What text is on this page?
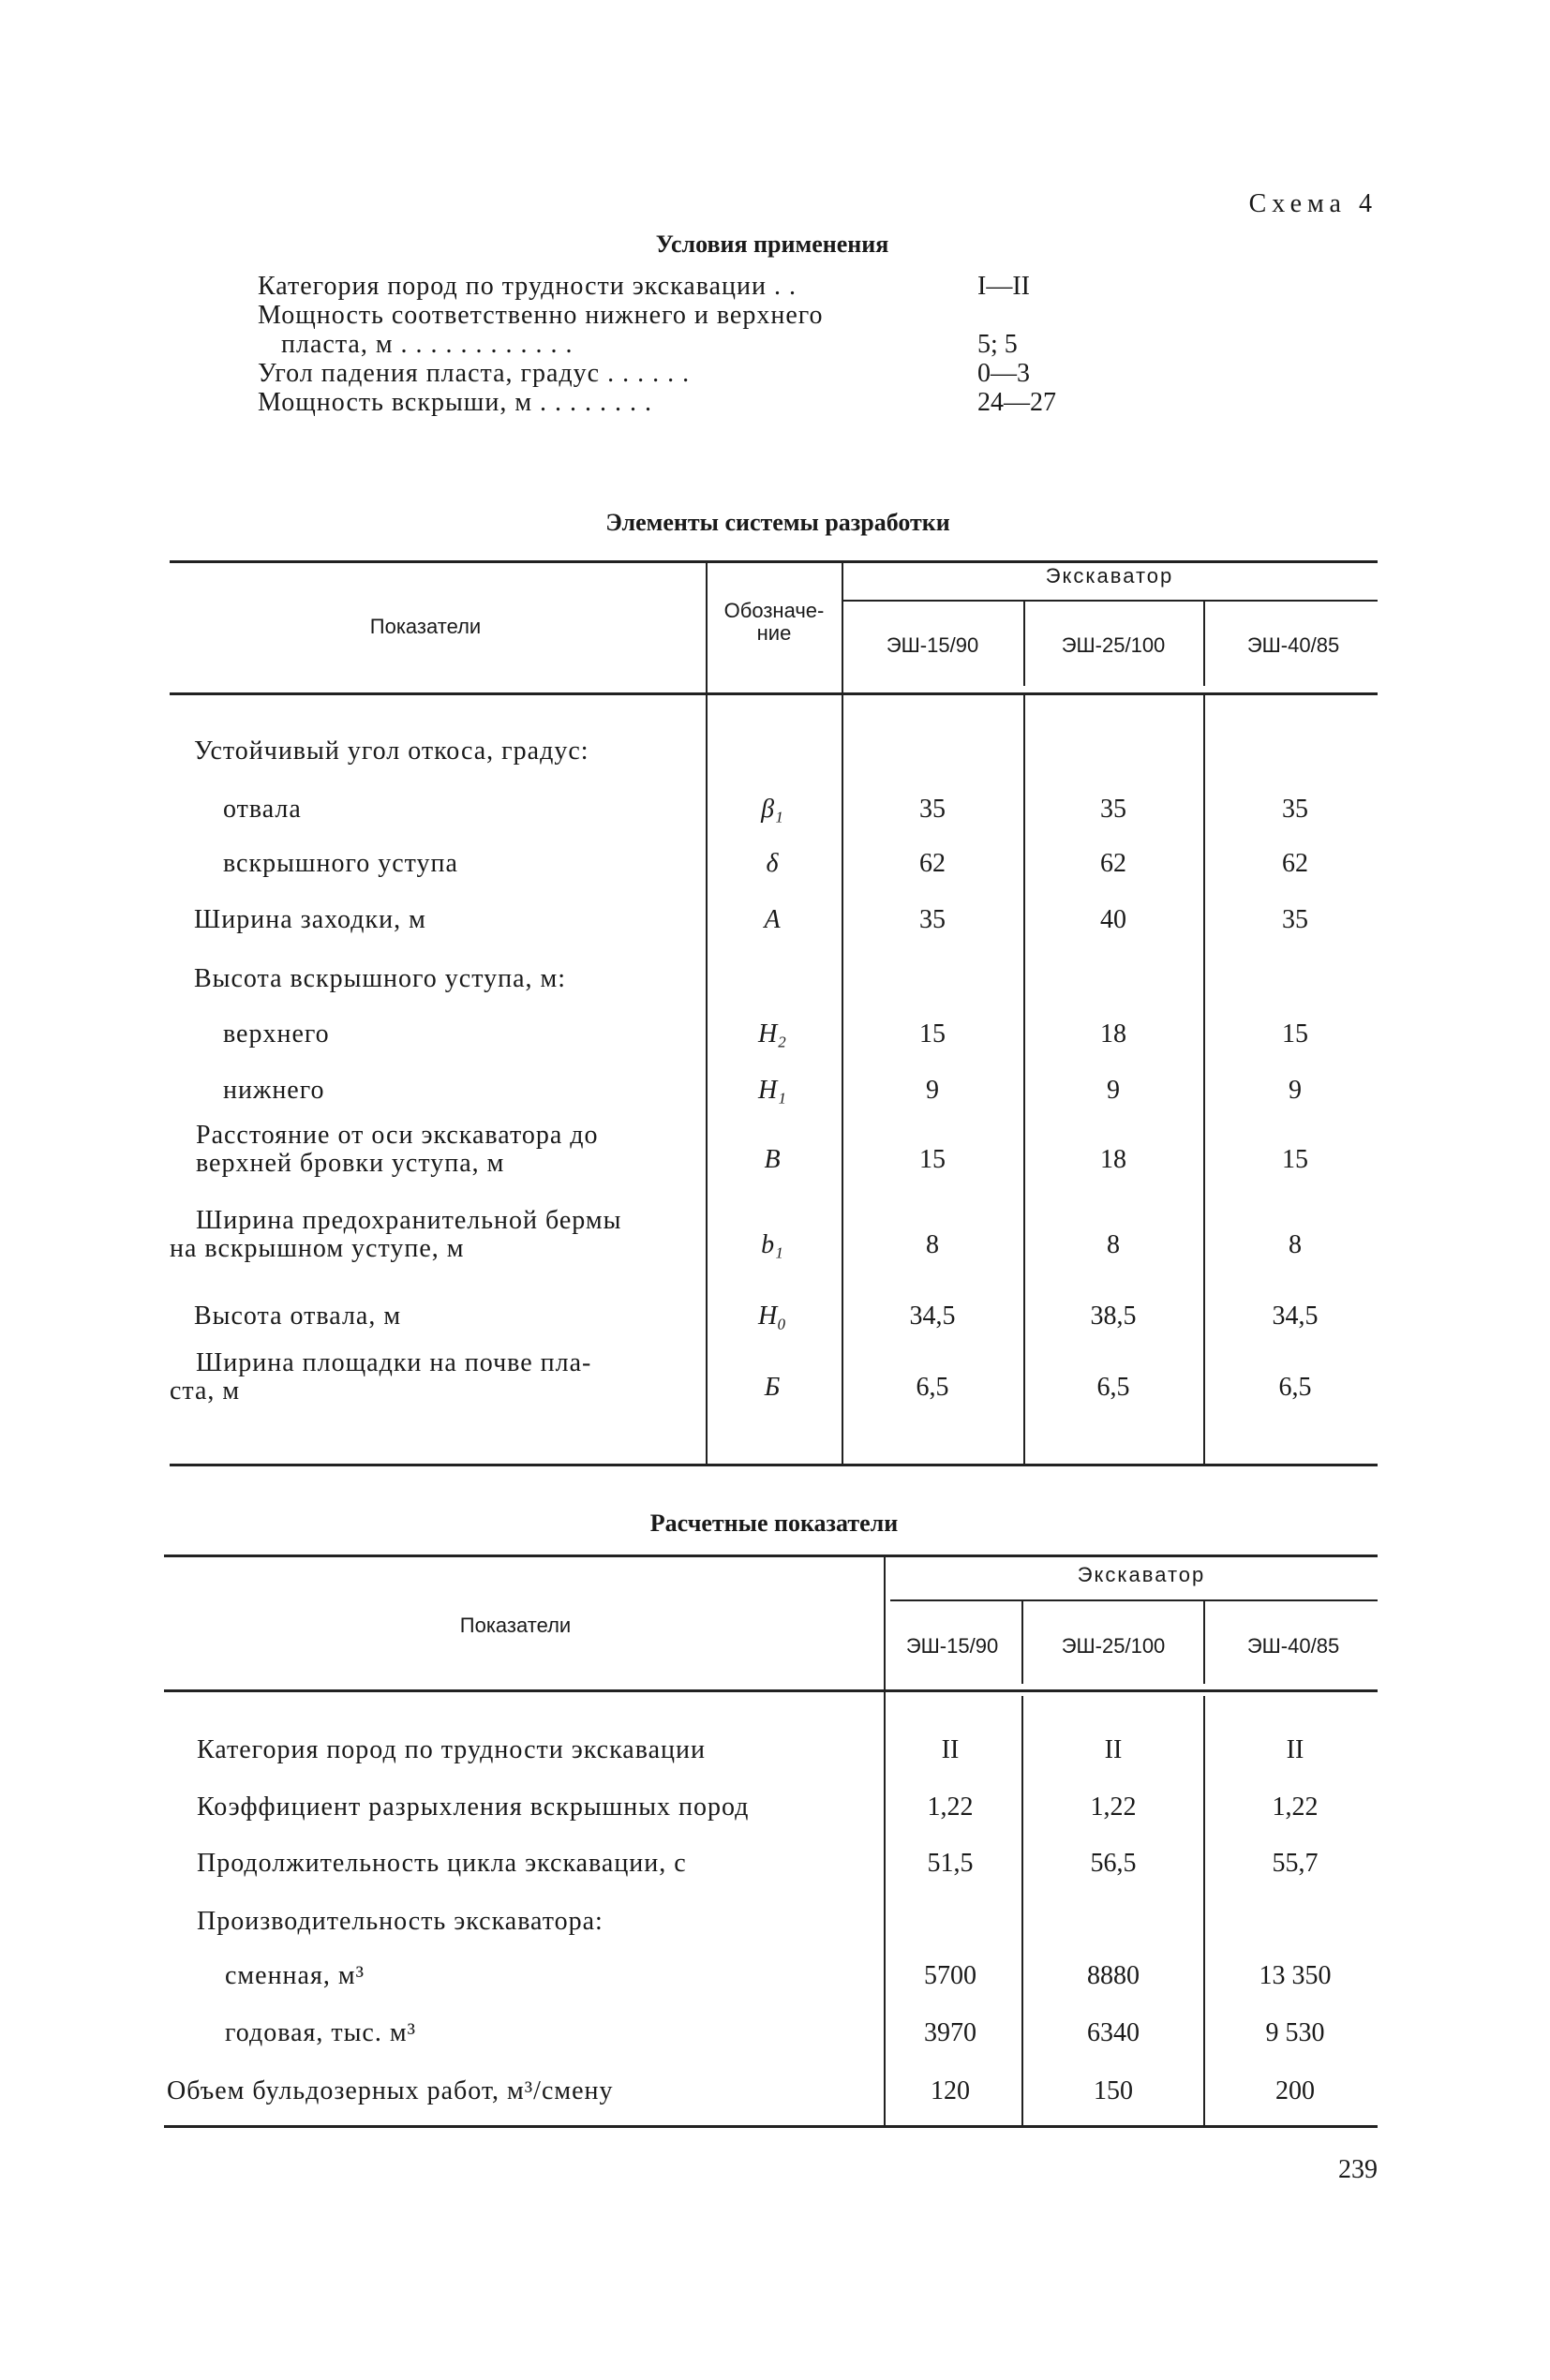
Схема 4
Условия применения
Элементы системы разработки
Расчетные показатели
239
Категория пород по трудности экскавации . .	I—II
Мощность соответственно нижнего и верхнего
пласта, м . . . . . . . . . . . .	5; 5
Угол падения пласта, градус . . . . . .	0—3
Мощность вскрыши, м . . . . . . . .	24—27
Показатели
Обозначе-ние
Экскаватор
ЭШ-15/90	ЭШ-25/100	ЭШ-40/85
Устойчивый угол откоса, градус:
отвала	β₁	35	35	35
вскрышного уступа	δ	62	62	62
Ширина заходки, м	A	35	40	35
Высота вскрышного уступа, м:
верхнего	H₂	15	18	15
нижнего	H₁	9	9	9
Расстояние от оси экскаватора до
верхней бровки уступа, м	B	15	18	15
Ширина предохранительной бермы
на вскрышном уступе, м	b₁	8	8	8
Высота отвала, м	H₀	34,5	38,5	34,5
Ширина площадки на почве пла-
ста, м	Б	6,5	6,5	6,5
Показатели
Экскаватор
ЭШ-15/90	ЭШ-25/100	ЭШ-40/85
Категория пород по трудности экскавации	II	II	II
Коэффициент разрыхления вскрышных пород	1,22	1,22	1,22
Продолжительность цикла экскавации, с	51,5	56,5	55,7
Производительность экскаватора:
сменная, м³	5700	8880	13 350
годовая, тыс. м³	3970	6340	9 530
Объем бульдозерных работ, м³/смену	120	150	200
